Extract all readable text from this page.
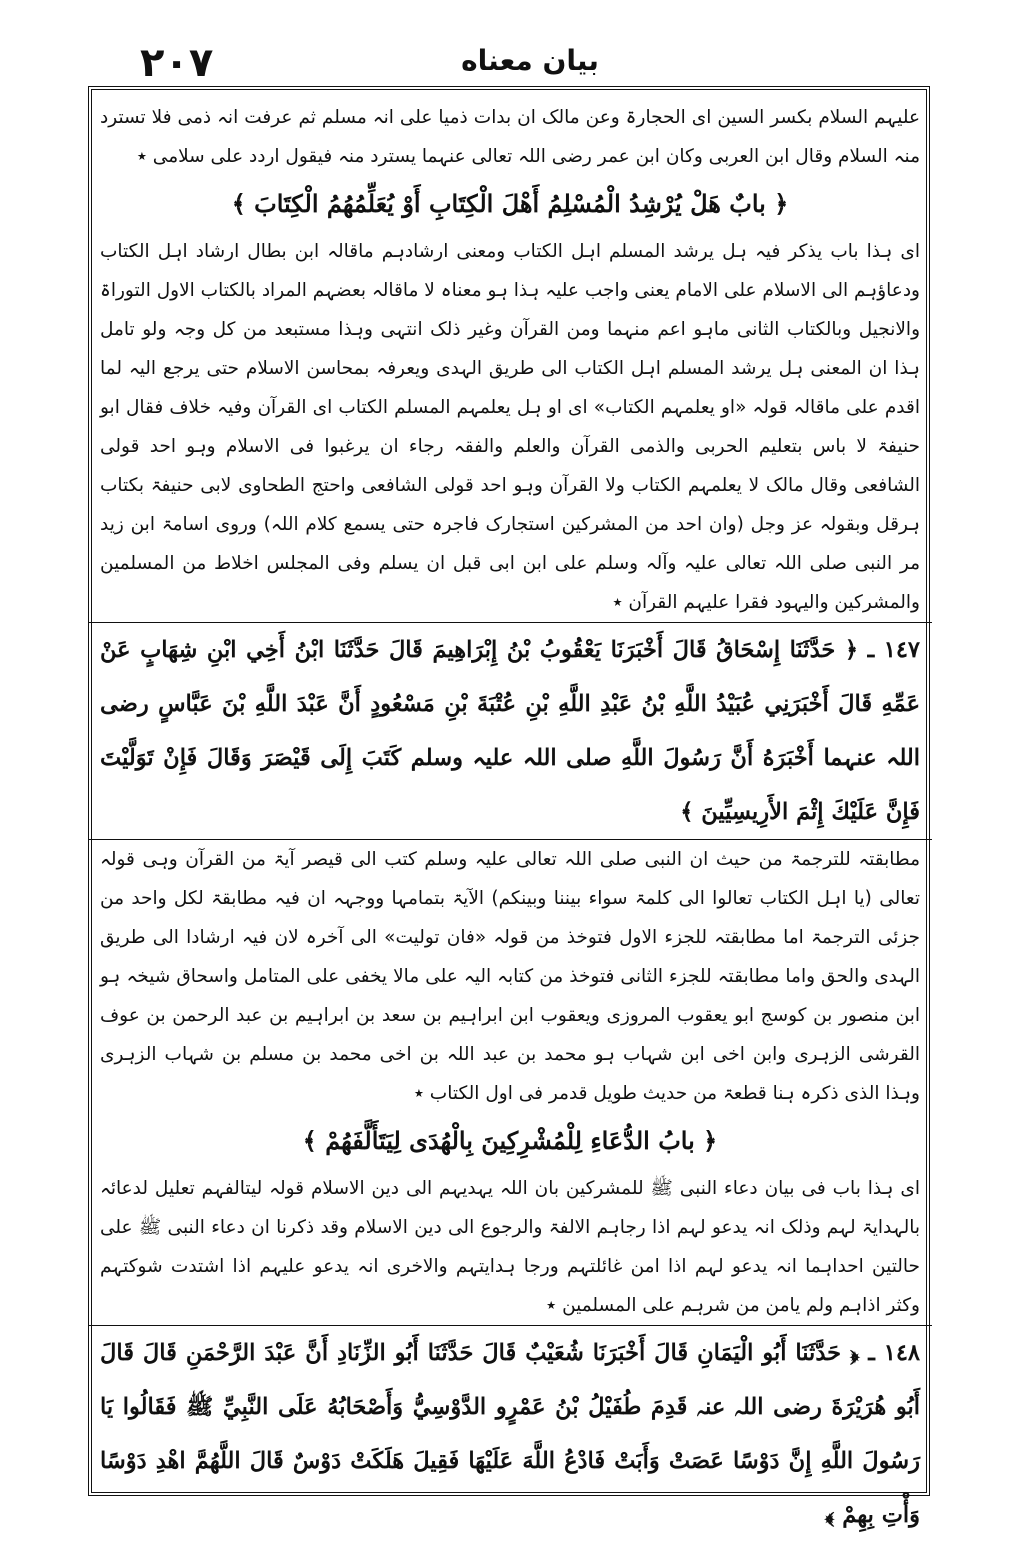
٢٠٧	بیان معناه

علیہم السلام بکسر السین ای الحجارۃ وعن مالک ان بدات ذمیا علی انہ مسلم ثم عرفت انہ ذمی فلا تسترد منہ السلام وقال ابن العربی وکان ابن عمر رضی اللہ تعالی عنہما یسترد منہ فیقول اردد علی سلامی ٭

﴿ بابٌ هَلْ يُرْشِدُ الْمُسْلِمُ أَهْلَ الْكِتَابِ أَوْ يُعَلِّمُهُمُ الْكِتَابَ ﴾

ای ہذا باب یذکر فیہ ہل یرشد المسلم اہل الکتاب ومعنی ارشادہم ماقالہ ابن بطال ارشاد اہل الکتاب ودعاؤہم الی الاسلام علی الامام یعنی واجب علیہ ہذا ہو معناہ لا ماقالہ بعضہم المراد بالکتاب الاول التوراۃ والانجیل وبالکتاب الثانی ماہو اعم منہما ومن القرآن وغیر ذلک انتہی وہذا مستبعد من کل وجہ ولو تامل ہذا ان المعنی ہل یرشد المسلم اہل الکتاب الی طریق الہدی ویعرفہ بمحاسن الاسلام حتی یرجع الیہ لما اقدم علی ماقالہ قولہ «او یعلمہم الکتاب» ای او ہل یعلمہم المسلم الکتاب ای القرآن وفیہ خلاف فقال ابو حنیفۃ لا باس بتعلیم الحربی والذمی القرآن والعلم والفقہ رجاء ان یرغبوا فی الاسلام وہو احد قولی الشافعی وقال مالک لا یعلمہم الکتاب ولا القرآن وہو احد قولی الشافعی واحتج الطحاوی لابی حنیفۃ بکتاب ہرقل وبقولہ عز وجل (وان احد من المشرکین استجارک فاجرہ حتی یسمع کلام اللہ) وروی اسامۃ ابن زید مر النبی صلی اللہ تعالی علیہ وآلہ وسلم علی ابن ابی قبل ان یسلم وفی المجلس اخلاط من المسلمین والمشرکین والیہود فقرا علیہم القرآن ٭

١٤٧ ـ ﴿ حَدَّثَنَا إِسْحَاقُ قَالَ أَخْبَرَنَا يَعْقُوبُ بْنُ إِبْرَاهِيمَ قَالَ حَدَّثَنَا ابْنُ أَخِي ابْنِ شِهَابٍ عَنْ عَمِّهِ قَالَ أَخْبَرَنِي عُبَيْدُ اللَّهِ بْنُ عَبْدِ اللَّهِ بْنِ عُتْبَةَ بْنِ مَسْعُودٍ أَنَّ عَبْدَ اللَّهِ بْنَ عَبَّاسٍ رضی اللہ عنہما أَخْبَرَهُ أَنَّ رَسُولَ اللَّهِ صلی اللہ علیہ وسلم كَتَبَ إِلَى قَيْصَرَ وَقَالَ فَإِنْ تَوَلَّيْتَ فَإِنَّ عَلَيْكَ إِثْمَ الأَرِيسِيِّينَ ﴾

مطابقتہ للترجمۃ من حیث ان النبی صلی اللہ تعالی علیہ وسلم کتب الی قیصر آیۃ من القرآن وہی قولہ تعالی (یا اہل الکتاب تعالوا الی کلمۃ سواء بیننا وبینکم) الآیۃ بتمامہا ووجہہ ان فیہ مطابقۃ لکل واحد من جزئی الترجمۃ اما مطابقتہ للجزء الاول فتوخذ من قولہ «فان تولیت» الی آخرہ لان فیہ ارشادا الی طریق الہدی والحق واما مطابقتہ للجزء الثانی فتوخذ من کتابہ الیہ علی مالا یخفی علی المتامل واسحاق شیخہ ہو ابن منصور بن کوسج ابو یعقوب المروزی ویعقوب ابن ابراہیم بن سعد بن ابراہیم بن عبد الرحمن بن عوف القرشی الزہری وابن اخی ابن شہاب ہو محمد بن عبد اللہ بن اخی محمد بن مسلم بن شہاب الزہری وہذا الذی ذکرہ ہنا قطعۃ من حدیث طویل قدمر فی اول الکتاب ٭

﴿ بابُ الدُّعَاءِ لِلْمُشْرِكِينَ بِالْهُدَى لِيَتَأَلَّفَهُمْ ﴾

ای ہذا باب فی بیان دعاء النبی ﷺ للمشرکین بان اللہ یہدیہم الی دین الاسلام قولہ لیتالفہم تعلیل لدعائہ بالہدایۃ لہم وذلک انہ یدعو لہم اذا رجاہم الالفۃ والرجوع الی دین الاسلام وقد ذکرنا ان دعاء النبی ﷺ علی حالتین احداہما انہ یدعو لہم اذا امن غائلتہم ورجا ہدایتہم والاخری انہ یدعو علیہم اذا اشتدت شوکتہم وکثر اذاہم ولم یامن من شرہم علی المسلمین ٭

١٤٨ ـ ﴿ حَدَّثَنَا أَبُو الْيَمَانِ قَالَ أَخْبَرَنَا شُعَيْبٌ قَالَ حَدَّثَنَا أَبُو الزِّنَادِ أَنَّ عَبْدَ الرَّحْمَنِ قَالَ قَالَ أَبُو هُرَيْرَةَ رضی اللہ عنہ قَدِمَ طُفَيْلُ بْنُ عَمْرٍو الدَّوْسِيُّ وَأَصْحَابُهُ عَلَى النَّبِيِّ ﷺ فَقَالُوا يَا رَسُولَ اللَّهِ إِنَّ دَوْسًا عَصَتْ وَأَبَتْ فَادْعُ اللَّهَ عَلَيْهَا فَقِيلَ هَلَكَتْ دَوْسٌ قَالَ اللَّهُمَّ اهْدِ دَوْسًا وَأْتِ بِهِمْ ﴾
